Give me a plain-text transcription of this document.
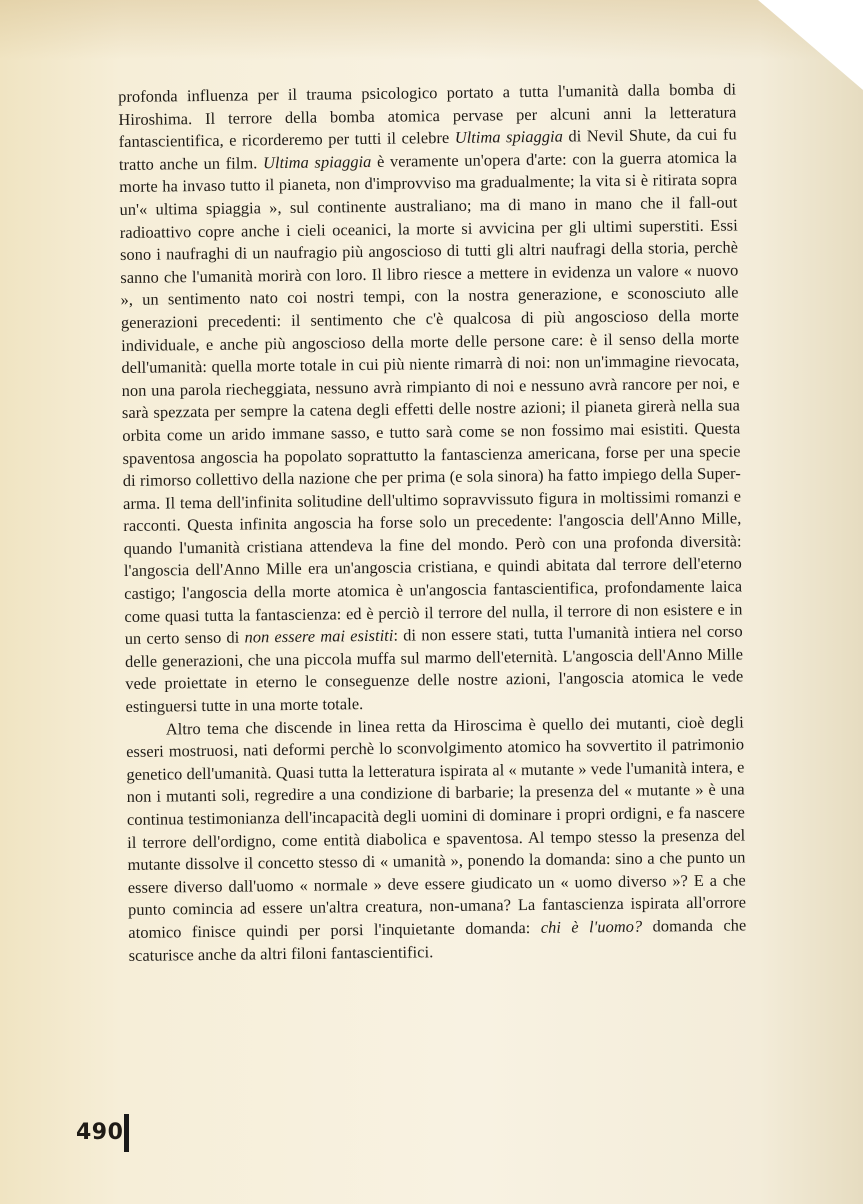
profonda influenza per il trauma psicologico portato a tutta l'umanità dalla bomba di Hiroshima. Il terrore della bomba atomica pervase per alcuni anni la letteratura fantascientifica, e ricorderemo per tutti il celebre Ultima spiaggia di Nevil Shute, da cui fu tratto anche un film. Ultima spiaggia è veramente un'opera d'arte: con la guerra atomica la morte ha invaso tutto il pianeta, non d'improvviso ma gradualmente; la vita si è ritirata sopra un'« ultima spiaggia », sul continente australiano; ma di mano in mano che il fall-out radioattivo copre anche i cieli oceanici, la morte si avvicina per gli ultimi superstiti. Essi sono i naufraghi di un naufragio più angoscioso di tutti gli altri naufragi della storia, perchè sanno che l'umanità morirà con loro. Il libro riesce a mettere in evidenza un valore « nuovo », un sentimento nato coi nostri tempi, con la nostra generazione, e sconosciuto alle generazioni precedenti: il sentimento che c'è qualcosa di più angoscioso della morte individuale, e anche più angoscioso della morte delle persone care: è il senso della morte dell'umanità: quella morte totale in cui più niente rimarrà di noi: non un'immagine rievocata, non una parola riecheggiata, nessuno avrà rimpianto di noi e nessuno avrà rancore per noi, e sarà spezzata per sempre la catena degli effetti delle nostre azioni; il pianeta girerà nella sua orbita come un arido immane sasso, e tutto sarà come se non fossimo mai esistiti. Questa spaventosa angoscia ha popolato soprattutto la fantascienza americana, forse per una specie di rimorso collettivo della nazione che per prima (e sola sinora) ha fatto impiego della Super-arma. Il tema dell'infinita solitudine dell'ultimo sopravvissuto figura in moltissimi romanzi e racconti. Questa infinita angoscia ha forse solo un precedente: l'angoscia dell'Anno Mille, quando l'umanità cristiana attendeva la fine del mondo. Però con una profonda diversità: l'angoscia dell'Anno Mille era un'angoscia cristiana, e quindi abitata dal terrore dell'eterno castigo; l'angoscia della morte atomica è un'angoscia fantascientifica, profondamente laica come quasi tutta la fantascienza: ed è perciò il terrore del nulla, il terrore di non esistere e in un certo senso di non essere mai esistiti: di non essere stati, tutta l'umanità intiera nel corso delle generazioni, che una piccola muffa sul marmo dell'eternità. L'angoscia dell'Anno Mille vede proiettate in eterno le conseguenze delle nostre azioni, l'angoscia atomica le vede estinguersi tutte in una morte totale.

Altro tema che discende in linea retta da Hiroscima è quello dei mutanti, cioè degli esseri mostruosi, nati deformi perchè lo sconvolgimento atomico ha sovvertito il patrimonio genetico dell'umanità. Quasi tutta la letteratura ispirata al « mutante » vede l'umanità intera, e non i mutanti soli, regredire a una condizione di barbarie; la presenza del « mutante » è una continua testimonianza dell'incapacità degli uomini di dominare i propri ordigni, e fa nascere il terrore dell'ordigno, come entità diabolica e spaventosa. Al tempo stesso la presenza del mutante dissolve il concetto stesso di « umanità », ponendo la domanda: sino a che punto un essere diverso dall'uomo « normale » deve essere giudicato un « uomo diverso »? E a che punto comincia ad essere un'altra creatura, non-umana? La fantascienza ispirata all'orrore atomico finisce quindi per porsi l'inquietante domanda: chi è l'uomo? domanda che scaturisce anche da altri filoni fantascientifici.

490
